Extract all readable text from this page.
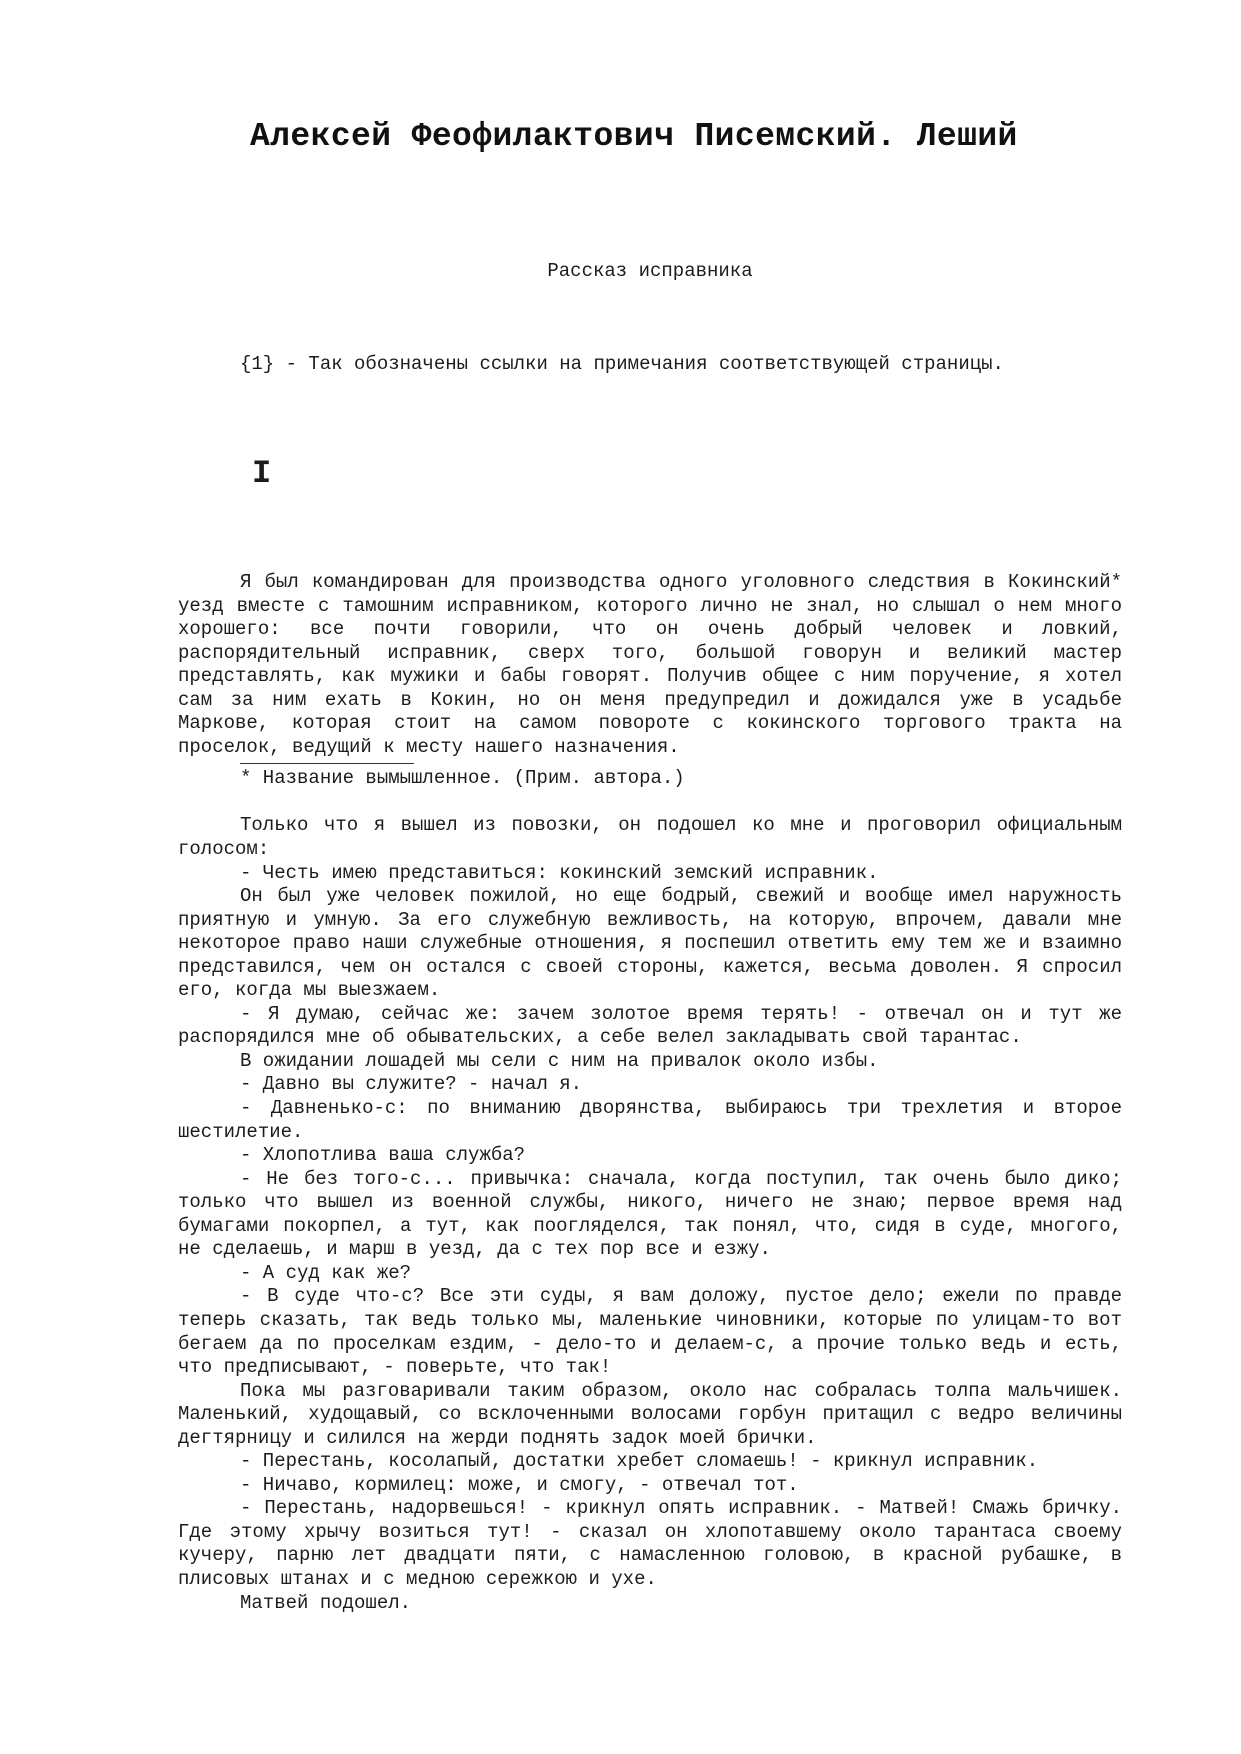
Алексей Феофилактович Писемский. Леший
Рассказ исправника
{1} - Так обозначены ссылки на примечания соответствующей страницы.
I

Я был командирован для производства одного уголовного следствия в Кокинский* уезд вместе с тамошним исправником, которого лично не знал, но слышал о нем много хорошего: все почти говорили, что он очень добрый человек и ловкий, распорядительный исправник, сверх того, большой говорун и великий мастер представлять, как мужики и бабы говорят. Получив общее с ним поручение, я хотел сам за ним ехать в Кокин, но он меня предупредил и дожидался уже в усадьбе Маркове, которая стоит на самом повороте с кокинского торгового тракта на проселок, ведущий к месту нашего назначения.

* Название вымышленное. (Прим. автора.)

Только что я вышел из повозки, он подошел ко мне и проговорил официальным голосом:

- Честь имею представиться: кокинский земский исправник.

Он был уже человек пожилой, но еще бодрый, свежий и вообще имел наружность приятную и умную. За его служебную вежливость, на которую, впрочем, давали мне некоторое право наши служебные отношения, я поспешил ответить ему тем же и взаимно представился, чем он остался с своей стороны, кажется, весьма доволен. Я спросил его, когда мы выезжаем.

- Я думаю, сейчас же: зачем золотое время терять! - отвечал он и тут же распорядился мне об обывательских, а себе велел закладывать свой тарантас.

В ожидании лошадей мы сели с ним на привалок около избы.

- Давно вы служите? - начал я.

- Давненько-с: по вниманию дворянства, выбираюсь три трехлетия и второе шестилетие.

- Хлопотлива ваша служба?

- Не без того-с... привычка: сначала, когда поступил, так очень было дико; только что вышел из военной службы, никого, ничего не знаю; первое время над бумагами покорпел, а тут, как поогляделся, так понял, что, сидя в суде, многого, не сделаешь, и марш в уезд, да с тех пор все и езжу.

- А суд как же?

- В суде что-с? Все эти суды, я вам доложу, пустое дело; ежели по правде теперь сказать, так ведь только мы, маленькие чиновники, которые по улицам-то вот бегаем да по проселкам ездим, - дело-то и делаем-с, а прочие только ведь и есть, что предписывают, - поверьте, что так!

Пока мы разговаривали таким образом, около нас собралась толпа мальчишек. Маленький, худощавый, со всклоченными волосами горбун притащил с ведро величины дегтярницу и силился на жерди поднять задок моей брички.

- Перестань, косолапый, достатки хребет сломаешь! - крикнул исправник.

- Ничаво, кормилец: може, и смогу, - отвечал тот.

- Перестань, надорвешься! - крикнул опять исправник. - Матвей! Смажь бричку. Где этому хрычу возиться тут! - сказал он хлопотавшему около тарантаса своему кучеру, парню лет двадцати пяти, с намасленною головою, в красной рубашке, в плисовых штанах и с медною сережкою и ухе.

Матвей подошел.
